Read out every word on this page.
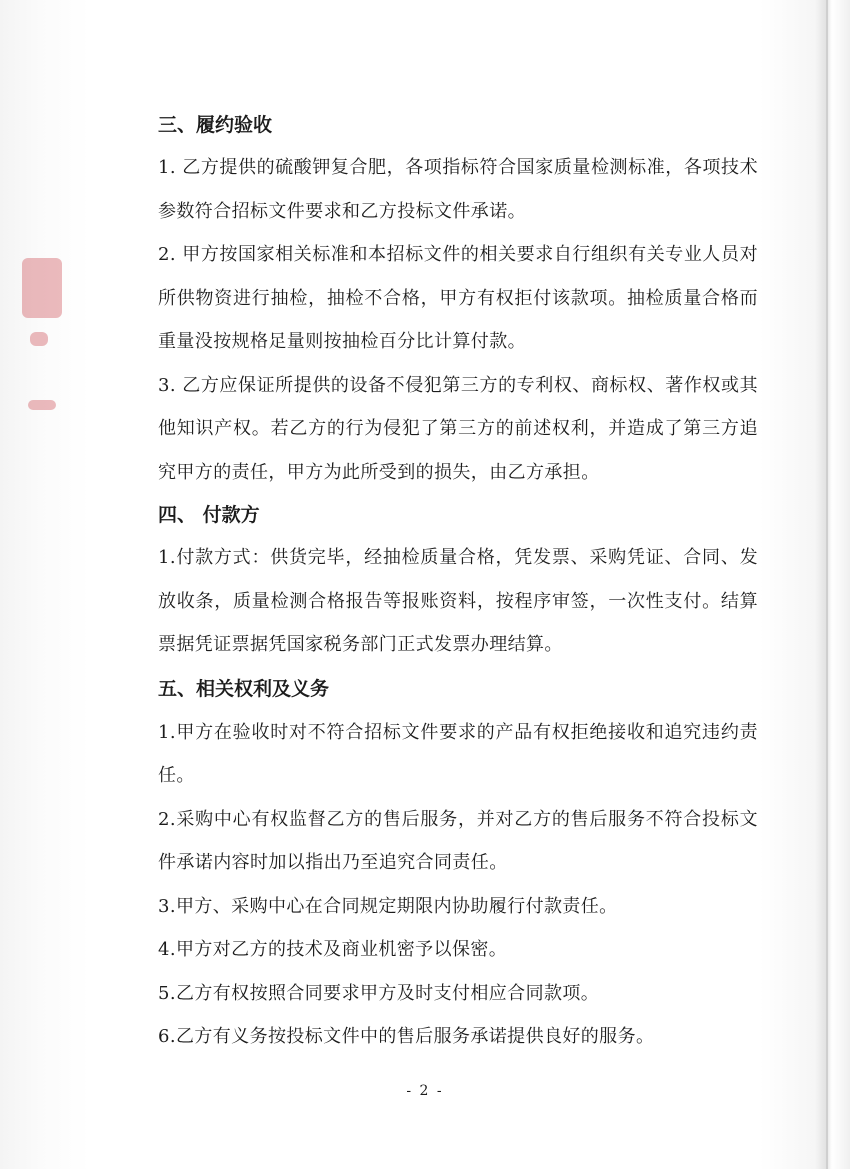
三、履约验收

1. 乙方提供的硫酸钾复合肥，各项指标符合国家质量检测标准，各项技术参数符合招标文件要求和乙方投标文件承诺。

2. 甲方按国家相关标准和本招标文件的相关要求自行组织有关专业人员对所供物资进行抽检，抽检不合格，甲方有权拒付该款项。抽检质量合格而重量没按规格足量则按抽检百分比计算付款。

3. 乙方应保证所提供的设备不侵犯第三方的专利权、商标权、著作权或其他知识产权。若乙方的行为侵犯了第三方的前述权利，并造成了第三方追究甲方的责任，甲方为此所受到的损失，由乙方承担。

四、 付款方

1.付款方式：供货完毕，经抽检质量合格，凭发票、采购凭证、合同、发放收条，质量检测合格报告等报账资料，按程序审签，一次性支付。结算票据凭证票据凭国家税务部门正式发票办理结算。

五、相关权利及义务

1.甲方在验收时对不符合招标文件要求的产品有权拒绝接收和追究违约责任。

2.采购中心有权监督乙方的售后服务，并对乙方的售后服务不符合投标文件承诺内容时加以指出乃至追究合同责任。

3.甲方、采购中心在合同规定期限内协助履行付款责任。

4.甲方对乙方的技术及商业机密予以保密。

5.乙方有权按照合同要求甲方及时支付相应合同款项。

6.乙方有义务按投标文件中的售后服务承诺提供良好的服务。

- 2 -
